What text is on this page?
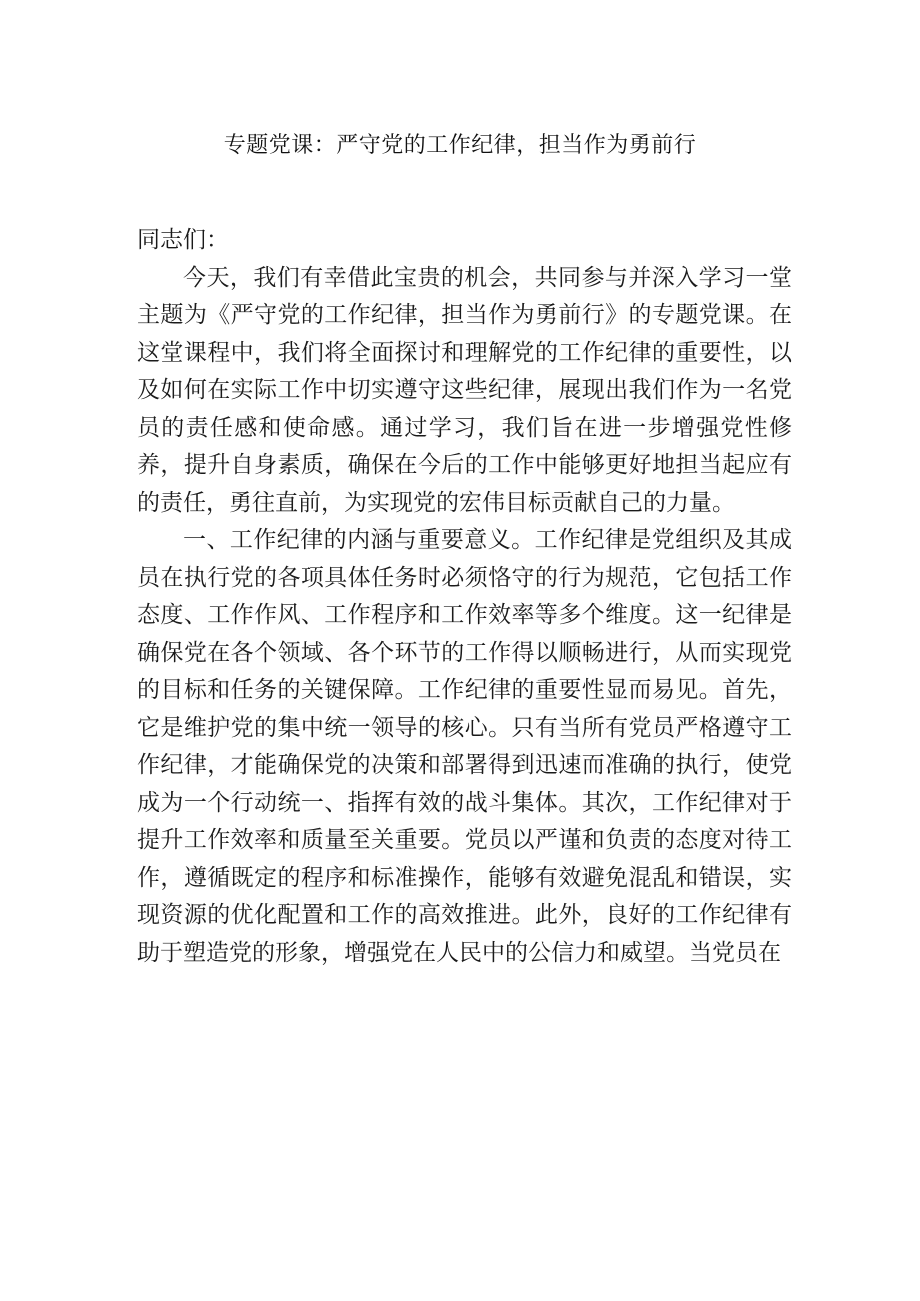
专题党课：严守党的工作纪律，担当作为勇前行

同志们：

今天，我们有幸借此宝贵的机会，共同参与并深入学习一堂主题为《严守党的工作纪律，担当作为勇前行》的专题党课。在这堂课程中，我们将全面探讨和理解党的工作纪律的重要性，以及如何在实际工作中切实遵守这些纪律，展现出我们作为一名党员的责任感和使命感。通过学习，我们旨在进一步增强党性修养，提升自身素质，确保在今后的工作中能够更好地担当起应有的责任，勇往直前，为实现党的宏伟目标贡献自己的力量。

一、工作纪律的内涵与重要意义。工作纪律是党组织及其成员在执行党的各项具体任务时必须恪守的行为规范，它包括工作态度、工作作风、工作程序和工作效率等多个维度。这一纪律是确保党在各个领域、各个环节的工作得以顺畅进行，从而实现党的目标和任务的关键保障。工作纪律的重要性显而易见。首先，它是维护党的集中统一领导的核心。只有当所有党员严格遵守工作纪律，才能确保党的决策和部署得到迅速而准确的执行，使党成为一个行动统一、指挥有效的战斗集体。其次，工作纪律对于提升工作效率和质量至关重要。党员以严谨和负责的态度对待工作，遵循既定的程序和标准操作，能够有效避免混乱和错误，实现资源的优化配置和工作的高效推进。此外，良好的工作纪律有助于塑造党的形象，增强党在人民中的公信力和威望。当党员在
